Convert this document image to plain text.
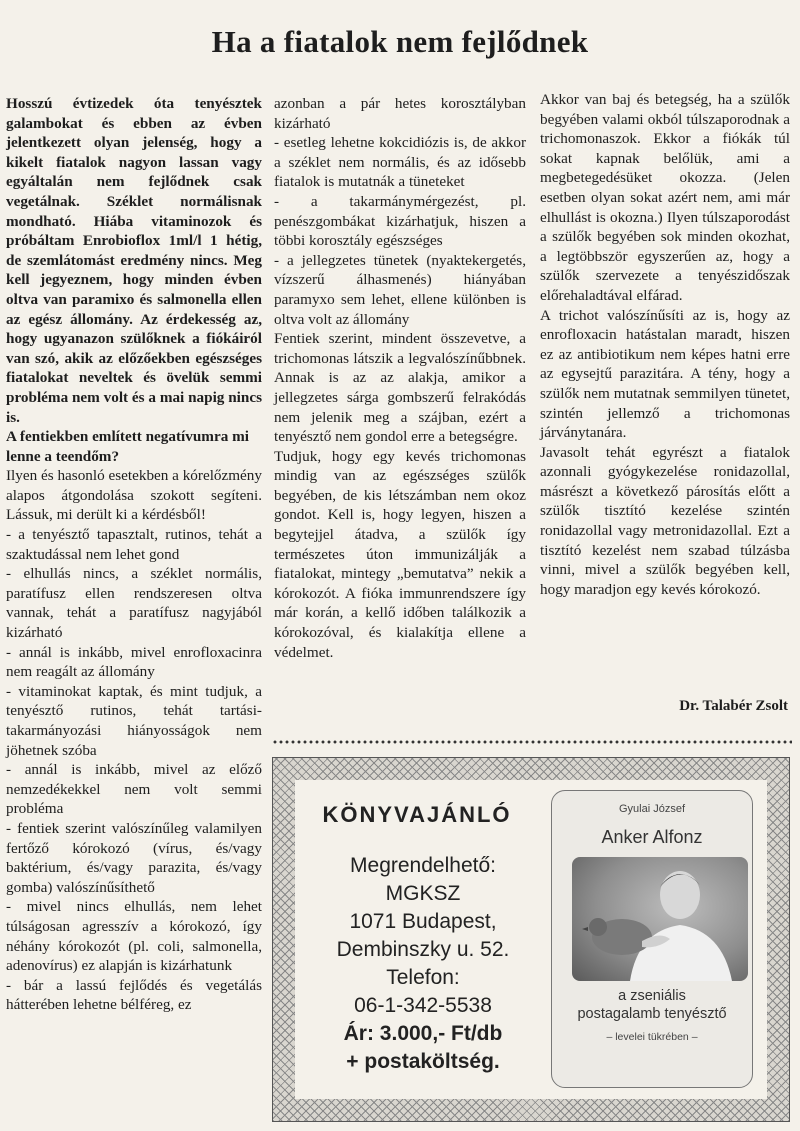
Ha a fiatalok nem fejlődnek

Hosszú évtizedek óta tenyésztek galambokat és ebben az évben jelentkezett olyan jelenség, hogy a kikelt fiatalok nagyon lassan vagy egyáltalán nem fejlődnek csak vegetálnak. Széklet normálisnak mondható. Hiába vitaminozok és próbáltam Enrobioflox 1ml/l 1 hétig, de szemlátomást eredmény nincs. Meg kell jegyeznem, hogy minden évben oltva van paramixo és salmonella ellen az egész állomány. Az érdekesség az, hogy ugyanazon szülőknek a fiókáiról van szó, akik az előzőekben egészséges fiatalokat neveltek és övelük semmi probléma nem volt és a mai napig nincs is.

A fentiekben említett negatívumra mi lenne a teendőm?

Ilyen és hasonló esetekben a kórelőzmény alapos átgondolása szokott segíteni. Lássuk, mi derült ki a kérdésből!

- a tenyésztő tapasztalt, rutinos, tehát a szaktudással nem lehet gond

- elhullás nincs, a széklet normális, paratífusz ellen rendszeresen oltva vannak, tehát a paratífusz nagyjából kizárható

- annál is inkább, mivel enrofloxacinra nem reagált az állomány

- vitaminokat kaptak, és mint tudjuk, a tenyésztő rutinos, tehát tartási-takarmányozási hiányosságok nem jöhetnek szóba

- annál is inkább, mivel az előző nemzedékekkel nem volt semmi probléma

- fentiek szerint valószínűleg valamilyen fertőző kórokozó (vírus, és/vagy baktérium, és/vagy parazita, és/vagy gomba) valószínűsíthető

- mivel nincs elhullás, nem lehet túlságosan agresszív a kórokozó, így néhány kórokozót (pl. coli, salmonella, adenovírus) ez alapján is kizárhatunk

- bár a lassú fejlődés és vegetálás hátterében lehetne bélféreg, ez

azonban a pár hetes korosztályban kizárható

- esetleg lehetne kokcidiózis is, de akkor a széklet nem normális, és az idősebb fiatalok is mutatnák a tüneteket

- a takarmánymérgezést, pl. penészgombákat kizárhatjuk, hiszen a többi korosztály egészséges

- a jellegzetes tünetek (nyaktekergetés, vízszerű álhasmenés) hiányában paramyxo sem lehet, ellene különben is oltva volt az állomány

Fentiek szerint, mindent összevetve, a trichomonas látszik a legvalószínűbbnek. Annak is az az alakja, amikor a jellegzetes sárga gombszerű felrakódás nem jelenik meg a szájban, ezért a tenyésztő nem gondol erre a betegségre.

Tudjuk, hogy egy kevés trichomonas mindig van az egészséges szülők begyében, de kis létszámban nem okoz gondot. Kell is, hogy legyen, hiszen a begytejjel átadva, a szülők így természetes úton immunizálják a fiatalokat, mintegy „bemutatva” nekik a kórokozót. A fióka immunrendszere így már korán, a kellő időben találkozik a kórokozóval, és kialakítja ellene a védelmet.

Akkor van baj és betegség, ha a szülők begyében valami okból túlszaporodnak a trichomonaszok. Ekkor a fiókák túl sokat kapnak belőlük, ami a megbetegedésüket okozza. (Jelen esetben olyan sokat azért nem, ami már elhullást is okozna.) Ilyen túlszaporodást a szülők begyében sok minden okozhat, a legtöbbször egyszerűen az, hogy a szülők szervezete a tenyészidőszak előrehaladtával elfárad.

A trichot valószínűsíti az is, hogy az enrofloxacin hatástalan maradt, hiszen ez az antibiotikum nem képes hatni erre az egysejtű parazitára. A tény, hogy a szülők nem mutatnak semmilyen tünetet, szintén jellemző a trichomonas járványtanára.

Javasolt tehát egyrészt a fiatalok azonnali gyógykezelése ronidazollal, másrészt a következő párosítás előtt a szülők tisztító kezelése szintén ronidazollal vagy metronidazollal. Ezt a tisztító kezelést nem szabad túlzásba vinni, mivel a szülők begyében kell, hogy maradjon egy kevés kórokozó.

Dr. Talabér Zsolt
KÖNYVAJÁNLÓ
Megrendelhető:
MGKSZ
1071 Budapest,
Dembinszky u. 52.
Telefon:
06-1-342-5538
Ár: 3.000,- Ft/db
+ postaköltség.
Gyulai József
Anker Alfonz
a zseniális
postagalamb tenyésztő
– levelei tükrében –
